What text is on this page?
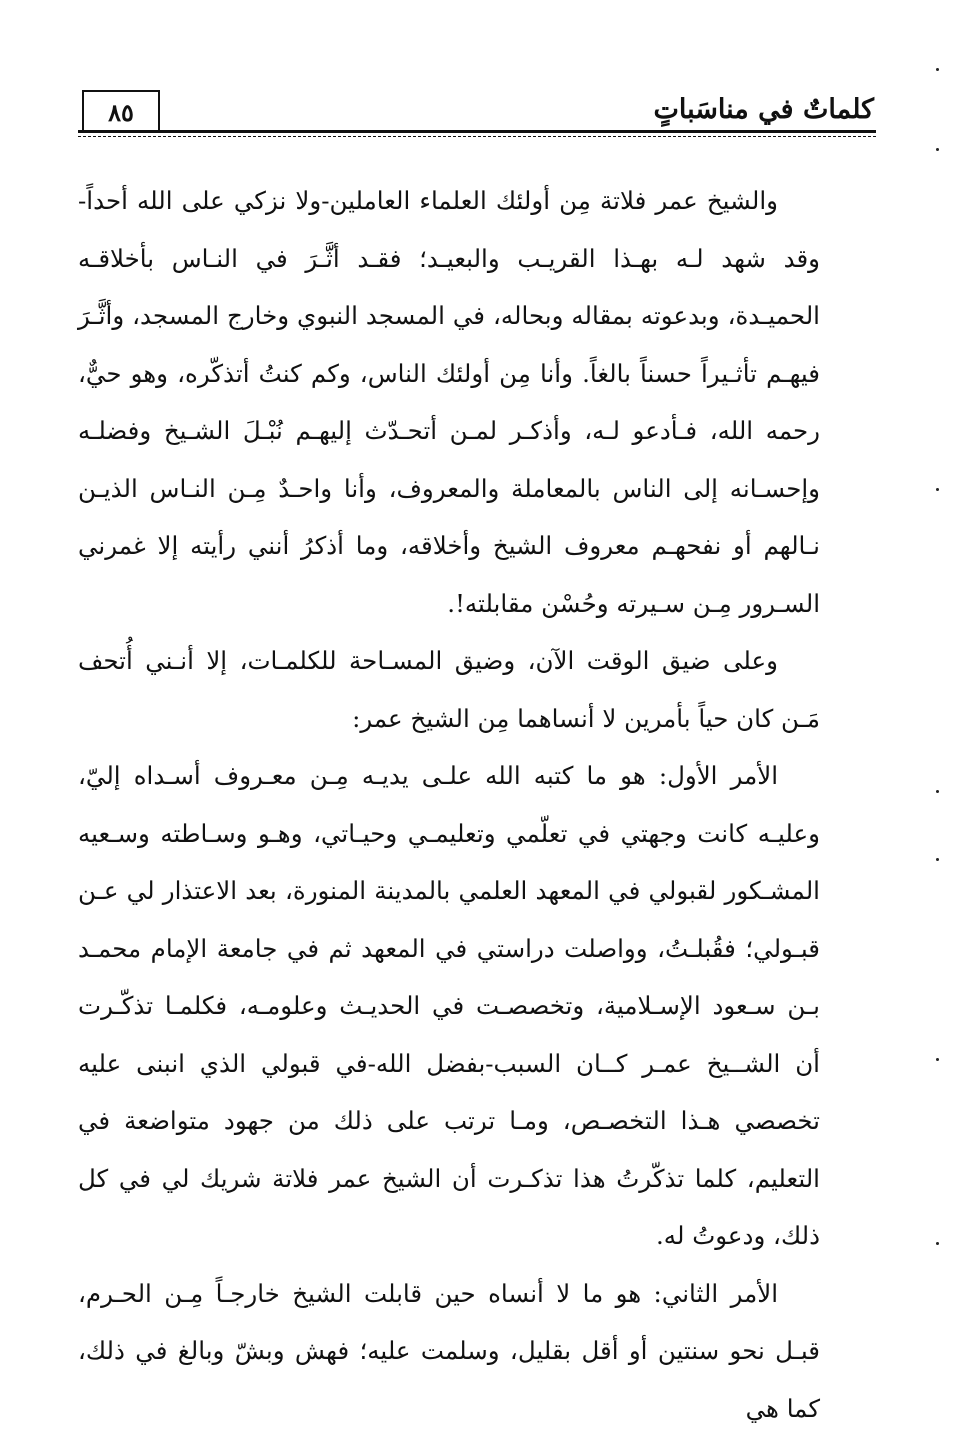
٨٥	كلماتٌ في مناسَباتٍ

والشيخ عمر فلاتة مِن أولئك العلماء العاملين-ولا نزكي على الله أحداً- وقد شهد لـه بهـذا القريـب والبعيـد؛ فقـد أثَّـرَ في النـاس بأخلاقـه الحميـدة، وبدعوته بمقاله وبحاله، في المسجد النبوي وخارج المسجد، وأثَّـرَ فيهـم تأثـيراً حسناً بالغاً. وأنا مِن أولئك الناس، وكم كنتُ أتذكّره، وهو حيٌّ، رحمه الله، فـأدعو لـه، وأذكـر لمـن أتحـدّث إليهـم نُبْـلَ الشـيخ وفضلـه وإحسـانه إلى الناس بالمعاملة والمعروف، وأنا واحـدٌ مِـن النـاس الذيـن نـالهم أو نفحهـم معروف الشيخ وأخلاقه، وما أذكرُ أنني رأيته إلا غمرني السـرور مِـن سـيرته وحُسْن مقابلته!.

وعلى ضيق الوقت الآن، وضيق المسـاحة للكلمـات، إلا أنـني أُتحف مَـن كان حياً بأمرين لا أنساهما مِن الشيخ عمر:

الأمر الأول: هو ما كتبه الله علـى يديـه مِـن معـروف أسـداه إليّ، وعليـه كانت وجهتي في تعلّمي وتعليمـي وحيـاتي، وهـو وسـاطته وسـعيه المشـكور لقبولي في المعهد العلمي بالمدينة المنورة، بعد الاعتذار لي عـن قبـولي؛ فقُبلـتُ، وواصلت دراستي في المعهد ثم في جامعة الإمام محمـد بـن سـعود الإسـلامية، وتخصصـت في الحديـث وعلومـه، فكلمـا تذكّـرت أن الشــيخ عمـر كــان السبب-بفضل الله-في قبولي الذي انبنى عليه تخصصي هـذا التخصـص، ومـا ترتب على ذلك من جهود متواضعة في التعليم، كلما تذكّرتُ هذا تذكـرت أن الشيخ عمر فلاتة شريك لي في كل ذلك، ودعوتُ له.

الأمر الثاني: هو ما لا أنساه حين قابلت الشيخ خارجـاً مِـن الحـرم، قبـل نحو سنتين أو أقل بقليل، وسلمت عليه؛ فهش وبشّ وبالغ في ذلك، كما هي
